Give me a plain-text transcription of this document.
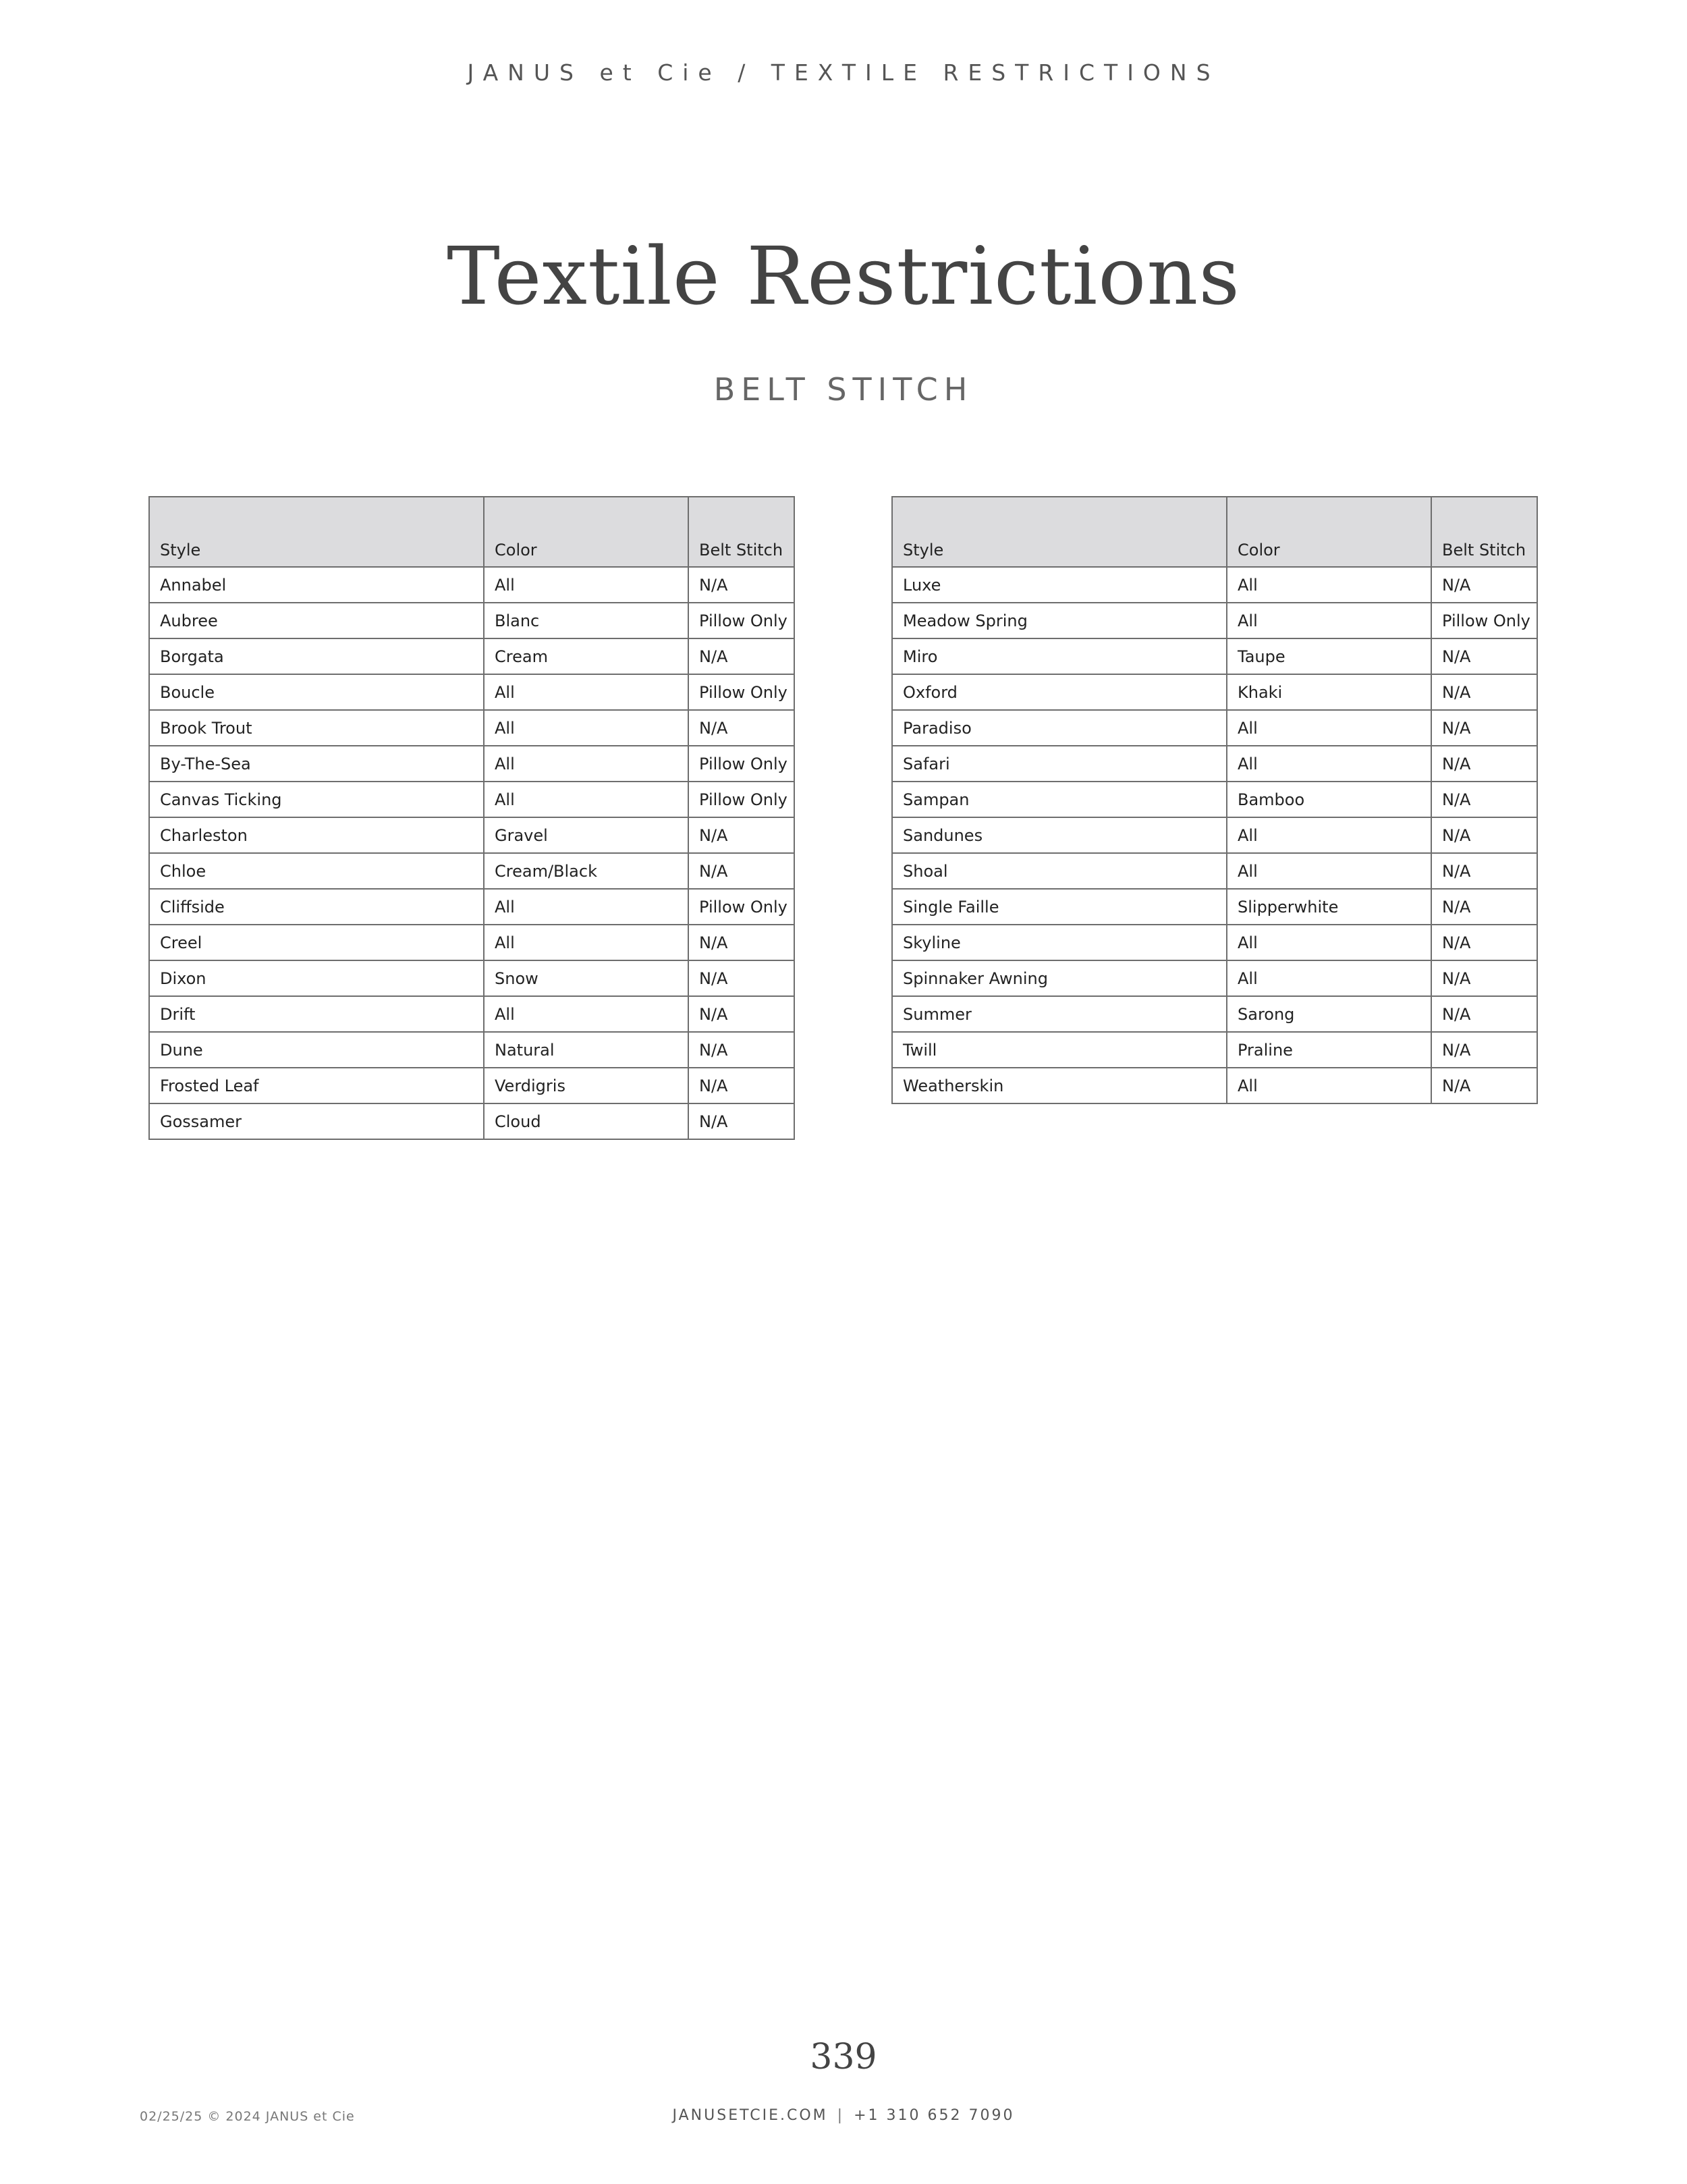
JANUS et Cie / TEXTILE RESTRICTIONS
Textile Restrictions
BELT STITCH
Style	Color	Belt Stitch
Annabel	All	N/A
Aubree	Blanc	Pillow Only
Borgata	Cream	N/A
Boucle	All	Pillow Only
Brook Trout	All	N/A
By-The-Sea	All	Pillow Only
Canvas Ticking	All	Pillow Only
Charleston	Gravel	N/A
Chloe	Cream/Black	N/A
Cliffside	All	Pillow Only
Creel	All	N/A
Dixon	Snow	N/A
Drift	All	N/A
Dune	Natural	N/A
Frosted Leaf	Verdigris	N/A
Gossamer	Cloud	N/A
Style	Color	Belt Stitch
Luxe	All	N/A
Meadow Spring	All	Pillow Only
Miro	Taupe	N/A
Oxford	Khaki	N/A
Paradiso	All	N/A
Safari	All	N/A
Sampan	Bamboo	N/A
Sandunes	All	N/A
Shoal	All	N/A
Single Faille	Slipperwhite	N/A
Skyline	All	N/A
Spinnaker Awning	All	N/A
Summer	Sarong	N/A
Twill	Praline	N/A
Weatherskin	All	N/A
339
02/25/25 © 2024 JANUS et Cie	JANUSETCIE.COM | +1 310 652 7090
